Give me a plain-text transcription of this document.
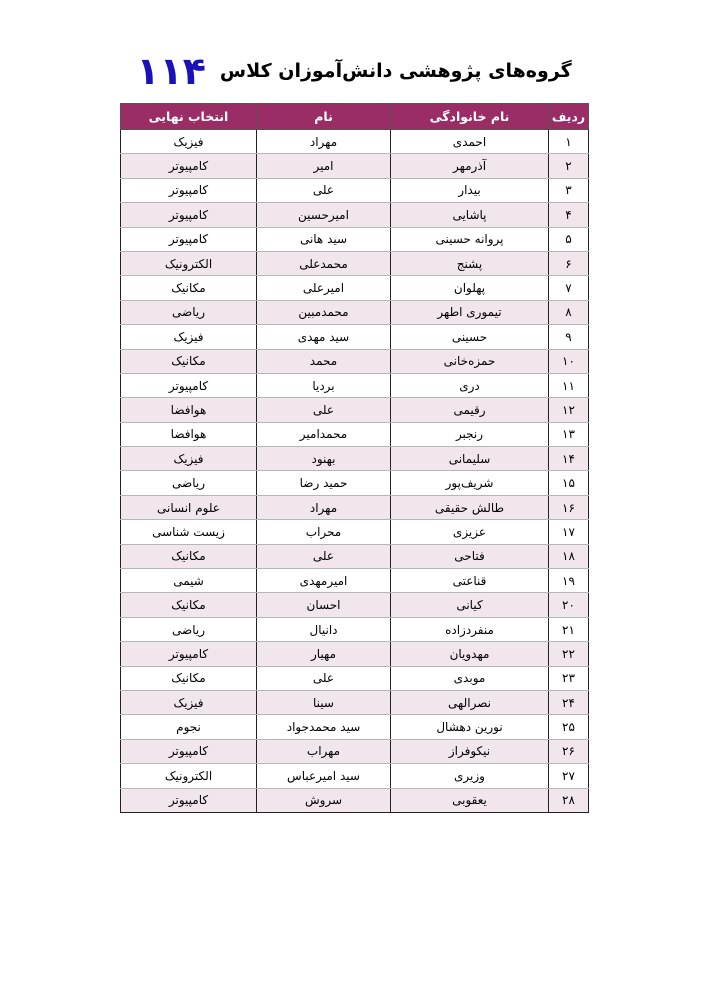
گروه‌های پژوهشی دانش‌آموزان کلاس
۱۱۴
ردیف	نام خانوادگی	نام	انتخاب نهایی
۱	احمدی	مهراد	فیزیک
۲	آذرمهر	امیر	کامپیوتر
۳	بیدار	علی	کامپیوتر
۴	پاشایی	امیرحسین	کامپیوتر
۵	پروانه حسینی	سید هانی	کامپیوتر
۶	پشنج	محمدعلی	الکترونیک
۷	پهلوان	امیرعلی	مکانیک
۸	تیموری اطهر	محمدمبین	ریاضی
۹	حسینی	سید مهدی	فیزیک
۱۰	حمزه‌خانی	محمد	مکانیک
۱۱	دری	بردیا	کامپیوتر
۱۲	رقیمی	علی	هوافضا
۱۳	رنجبر	محمدامیر	هوافضا
۱۴	سلیمانی	بهنود	فیزیک
۱۵	شریف‌پور	حمید رضا	ریاضی
۱۶	طالش حقیقی	مهراد	علوم انسانی
۱۷	عزیزی	محراب	زیست شناسی
۱۸	فتاحی	علی	مکانیک
۱۹	قناعتی	امیرمهدی	شیمی
۲۰	کیانی	احسان	مکانیک
۲۱	منفردزاده	دانیال	ریاضی
۲۲	مهدویان	مهیار	کامپیوتر
۲۳	موبدی	علی	مکانیک
۲۴	نصرالهی	سینا	فیزیک
۲۵	نورین دهشال	سید محمدجواد	نجوم
۲۶	نیکوفراز	مهراب	کامپیوتر
۲۷	وزیری	سید امیرعباس	الکترونیک
۲۸	یعقوبی	سروش	کامپیوتر
